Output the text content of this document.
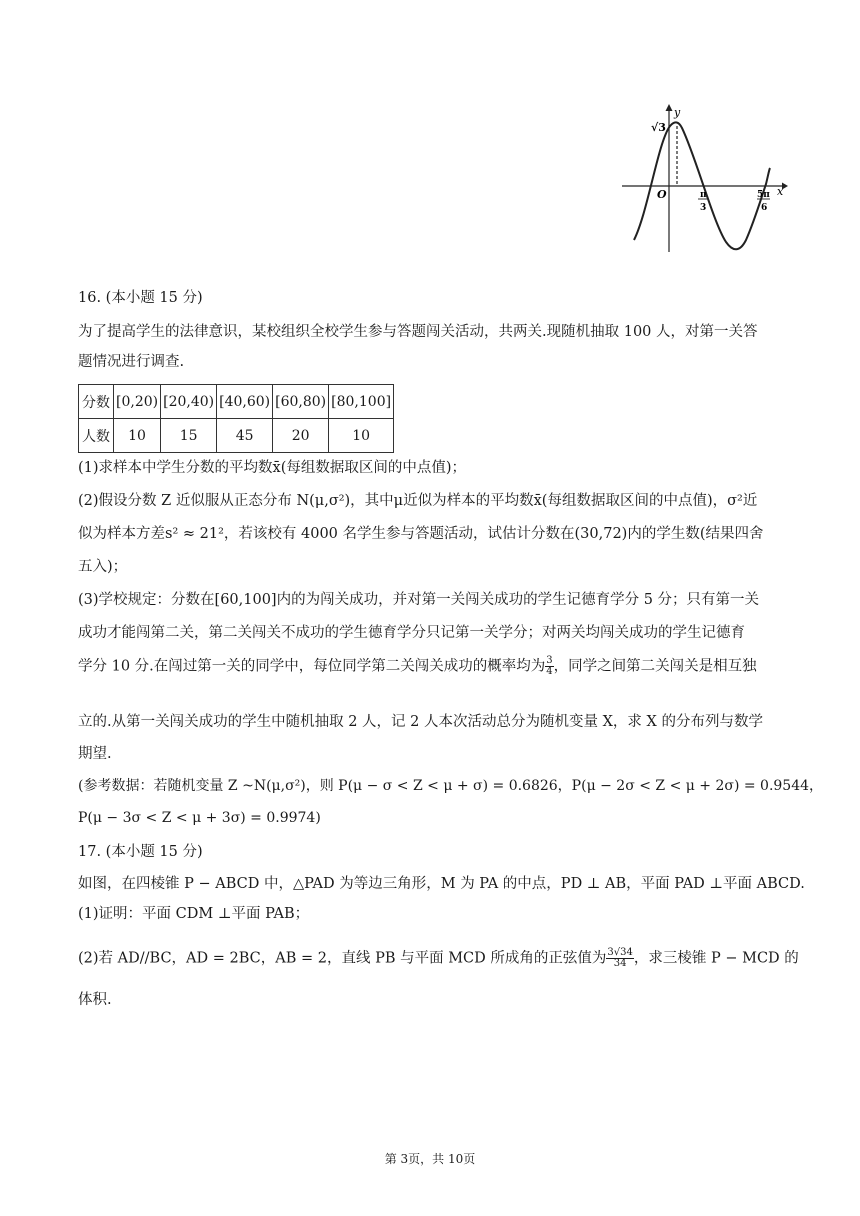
y
x
O
√3
π
3
5π
6
16. (本小题 15 分)
为了提高学生的法律意识，某校组织全校学生参与答题闯关活动，共两关.现随机抽取 100 人，对第一关答
题情况进行调查.
分数	[0,20)	[20,40)	[40,60)	[60,80)	[80,100]
人数	10	15	45	20	10
(1)求样本中学生分数的平均数x̄(每组数据取区间的中点值)；
(2)假设分数 Z 近似服从正态分布 N(μ,σ²)，其中μ近似为样本的平均数x̄(每组数据取区间的中点值)，σ²近
似为样本方差s² ≈ 21²，若该校有 4000 名学生参与答题活动，试估计分数在(30,72)内的学生数(结果四舍
五入)；
(3)学校规定：分数在[60,100]内的为闯关成功，并对第一关闯关成功的学生记德育学分 5 分；只有第一关
成功才能闯第二关，第二关闯关不成功的学生德育学分只记第一关学分；对两关均闯关成功的学生记德育
学分 10 分.在闯过第一关的同学中，每位同学第二关闯关成功的概率均为 $\frac{3}{4}$ ，同学之间第二关闯关是相互独
立的.从第一关闯关成功的学生中随机抽取 2 人，记 2 人本次活动总分为随机变量 X，求 X 的分布列与数学
期望.
(参考数据：若随机变量 Z ~N(μ,σ²)，则 P(μ − σ < Z < μ + σ) = 0.6826，P(μ − 2σ < Z < μ + 2σ) = 0.9544，
P(μ − 3σ < Z < μ + 3σ) = 0.9974)
17. (本小题 15 分)
如图，在四棱锥 P − ABCD 中，△PAD 为等边三角形，M 为 PA 的中点，PD ⊥ AB，平面 PAD ⊥平面 ABCD.
(1)证明：平面 CDM ⊥平面 PAB；
(2)若 AD//BC，AD = 2BC，AB = 2，直线 PB 与平面 MCD 所成角的正弦值为 $\frac{3√34}{34}$ ，求三棱锥 P − MCD 的
体积.
第 3页，共 10页
